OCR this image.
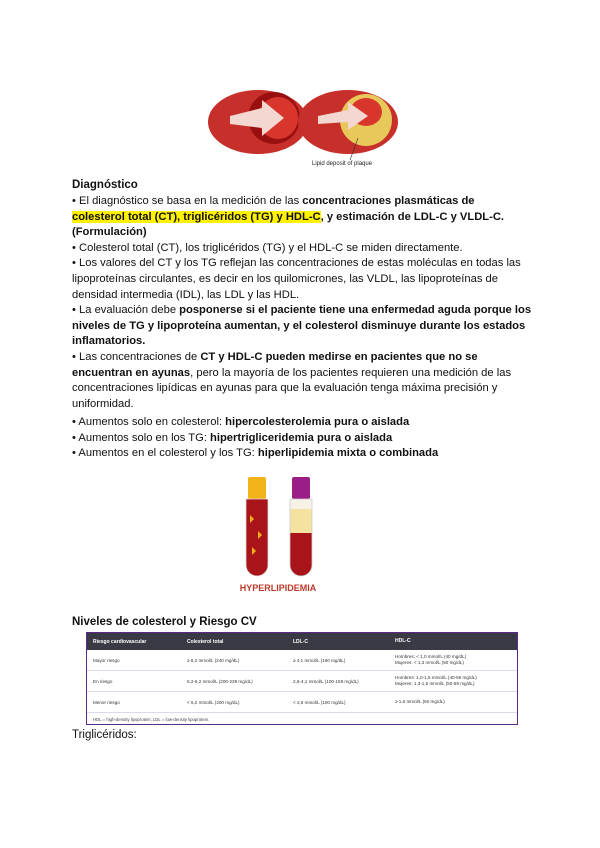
Lipid deposit of plaque
Diagnóstico
• El diagnóstico se basa en la medición de las concentraciones plasmáticas de
colesterol total (CT), triglicéridos (TG) y HDL-C, y estimación de LDL-C y VLDL-C. (Formulación)
• Colesterol total (CT), los triglicéridos (TG) y el HDL-C se miden directamente.
• Los valores del CT y los TG reflejan las concentraciones de estas moléculas en todas las lipoproteínas circulantes, es decir en los quilomicrones, las VLDL, las lipoproteínas de densidad intermedia (IDL), las LDL y las HDL.
• La evaluación debe posponerse si el paciente tiene una enfermedad aguda porque los niveles de TG y lipoproteína aumentan, y el colesterol disminuye durante los estados inflamatorios.
• Las concentraciones de CT y HDL-C pueden medirse en pacientes que no se encuentran en ayunas, pero la mayoría de los pacientes requieren una medición de las concentraciones lipídicas en ayunas para que la evaluación tenga máxima precisión y uniformidad.
• Aumentos solo en colesterol: hipercolesterolemia pura o aislada
• Aumentos solo en los TG: hipertrigliceridemia pura o aislada
• Aumentos en el colesterol y los TG: hiperlipidemia mixta o combinada
HYPERLIPIDEMIA
Niveles de colesterol y Riesgo CV
Riesgo cardiovascular	Colesterol total	LDL-C	HDL-C
Mayor riesgo	≥ 6,2 mmol/L (240 mg/dL)	≥ 4,1 mmol/L (160 mg/dL)
Hombres: < 1,0 mmol/L (40 mg/dL)
Mujeres: < 1,3 mmol/L (50 mg/dL)
En riesgo	5,2-6,2 mmol/L (200-239 mg/dL)	2,6-4,1 mmol/L (100-159 mg/dL)
Hombres: 1,0-1,5 mmol/L (40-59 mg/dL)
Mujeres: 1,3-1,5 mmol/L (50-59 mg/dL)
Menor riesgo	< 5,2 mmol/L (200 mg/dL)	< 2,6 mmol/L (100 mg/dL)	≥ 1,6 mmol/L (60 mg/dL)
HDL = high-density lipoprotein; LDL = low-density lipoprotein.
Triglicéridos:
